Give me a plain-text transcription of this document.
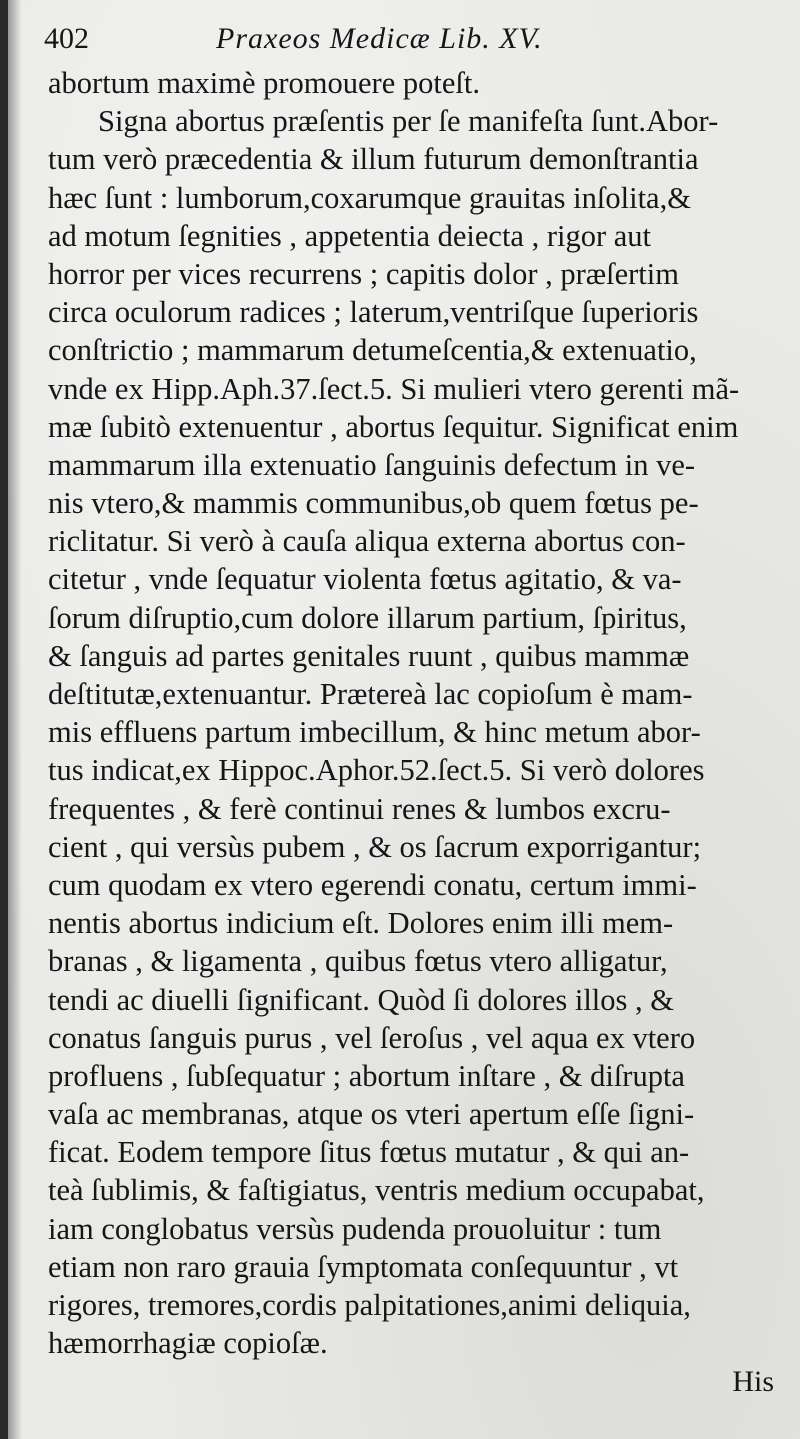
402	Praxeos Medicæ Lib. XV.
abortum maximè promouere poteſt.
Signa abortus præſentis per ſe manifeſta ſunt.Abor-
tum verò præcedentia & illum futurum demonſtrantia
hæc ſunt : lumborum,coxarumque grauitas inſolita,&
ad motum ſegnities , appetentia deiecta , rigor aut
horror per vices recurrens ; capitis dolor , præſertim
circa oculorum radices ; laterum,ventriſque ſuperioris
conſtrictio ; mammarum detumeſcentia,& extenuatio,
vnde ex Hipp.Aph.37.ſect.5. Si mulieri vtero gerenti mã-
mæ ſubitò extenuentur , abortus ſequitur. Significat enim
mammarum illa extenuatio ſanguinis defectum in ve-
nis vtero,& mammis communibus,ob quem fœtus pe-
riclitatur. Si verò à cauſa aliqua externa abortus con-
citetur , vnde ſequatur violenta fœtus agitatio, & va-
ſorum diſruptio,cum dolore illarum partium, ſpiritus,
& ſanguis ad partes genitales ruunt , quibus mammæ
deſtitutæ,extenuantur. Prætereà lac copioſum è mam-
mis effluens partum imbecillum, & hinc metum abor-
tus indicat,ex Hippoc.Aphor.52.ſect.5. Si verò dolores
frequentes , & ferè continui renes & lumbos excru-
cient , qui versùs pubem , & os ſacrum exporrigantur;
cum quodam ex vtero egerendi conatu, certum immi-
nentis abortus indicium eſt. Dolores enim illi mem-
branas , & ligamenta , quibus fœtus vtero alligatur,
tendi ac diuelli ſignificant. Quòd ſi dolores illos , &
conatus ſanguis purus , vel ſeroſus , vel aqua ex vtero
profluens , ſubſequatur ; abortum inſtare , & diſrupta
vaſa ac membranas, atque os vteri apertum eſſe ſigni-
ficat. Eodem tempore ſitus fœtus mutatur , & qui an-
teà ſublimis, & faſtigiatus, ventris medium occupabat,
iam conglobatus versùs pudenda prouoluitur : tum
etiam non raro grauia ſymptomata conſequuntur , vt
rigores, tremores,cordis palpitationes,animi deliquia,
hæmorrhagiæ copioſæ.
His
